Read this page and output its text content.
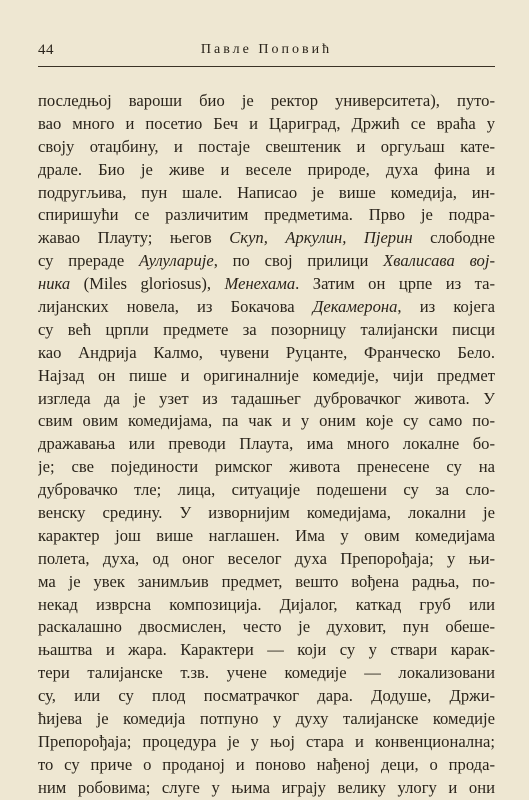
44	Павле Поповић
последњој вароши био је ректор университета), путо-
вао много и посетио Беч и Цариград, Држић се враћа у
своју отаџбину, и постаје свештеник и оргуљаш кате-
драле. Био је живе и веселе природе, духа фина и
подругљива, пун шале. Написао је више комедија, ин-
спиришући се различитим предметима. Прво је подра-
жавао Плауту; његов Скуп, Аркулин, Пјерин слободне
су прераде Аулуларије, по свој прилици Хвалисава вој-
ника (Miles gloriosus), Менехама. Затим он црпе из та-
лијанских новела, из Бокачова Декамерона, из којега
су већ црпли предмете за позорницу талијански писци
као Андрија Калмо, чувени Руцанте, Франческо Бело.
Најзад он пише и оригиналније комедије, чији предмет
изгледа да је узет из тадашњег дубровачког живота. У
свим овим комедијама, па чак и у оним које су само по-
дражавања или преводи Плаута, има много локалне бо-
је; све појединости римског живота пренесене су на
дубровачко тле; лица, ситуације подешени су за сло-
венску средину. У изворнијим комедијама, локални је
карактер још више наглашен. Има у овим комедијама
полета, духа, од оног веселог духа Препорођаја; у њи-
ма је увек занимљив предмет, вешто вођена радња, по-
некад изврсна композиција. Дијалог, каткад груб или
раскалашно двосмислен, често је духовит, пун обеше-
њаштва и жара. Карактери — који су у ствари карак-
тери талијанске т.зв. учене комедије — локализовани
су, или су плод посматрачког дара. Додуше, Држи-
ћијева је комедија потпуно у духу талијанске комедије
Препорођаја; процедура је у њој стара и конвенционална;
то су приче о проданој и поново нађеној деци, о прода-
ним робовима; слуге у њима играју велику улогу и они
